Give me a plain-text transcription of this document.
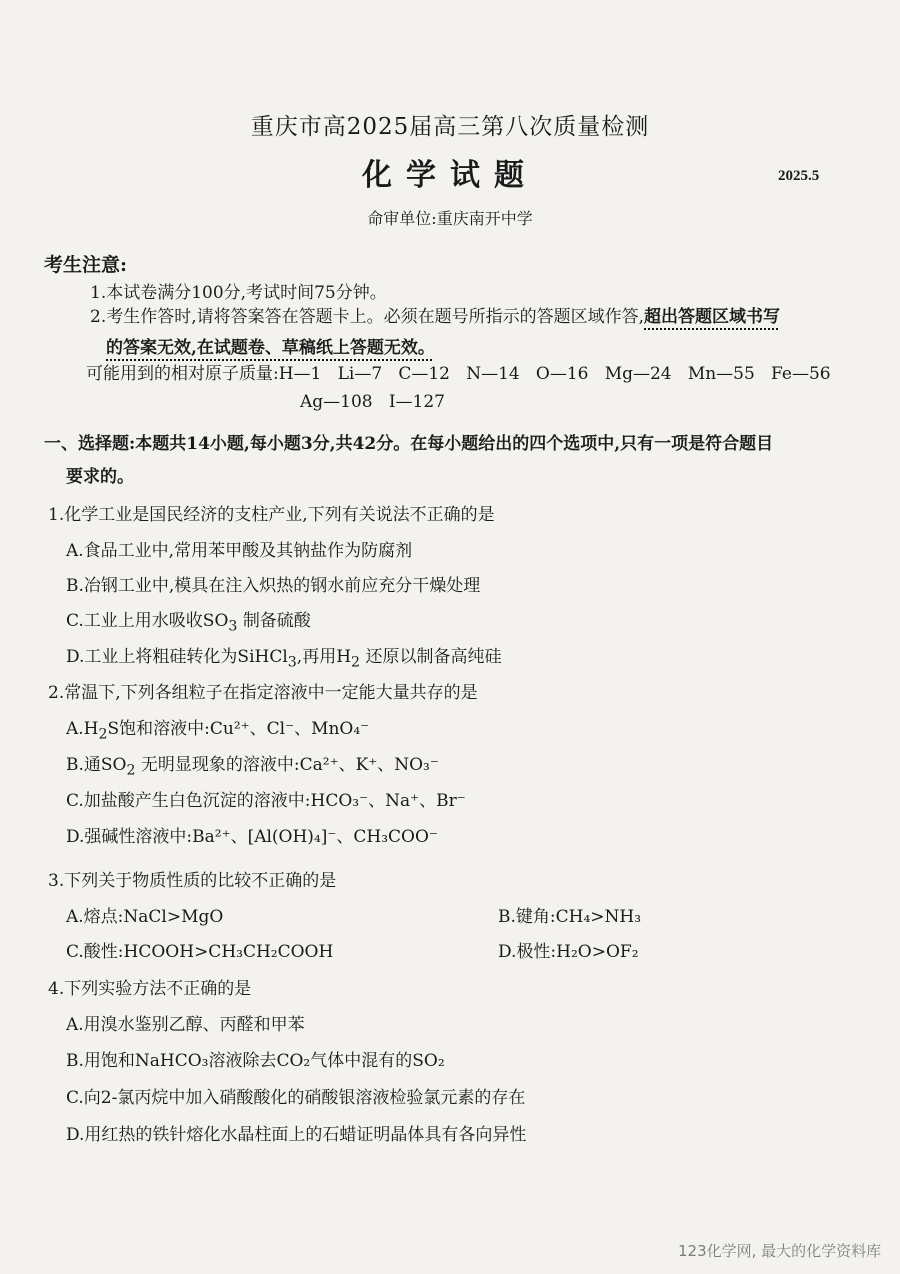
重庆市高2025届高三第八次质量检测
化学试题	2025.5
命审单位:重庆南开中学
考生注意:
1.本试卷满分100分,考试时间75分钟。
2.考生作答时,请将答案答在答题卡上。必须在题号所指示的答题区域作答,超出答题区域书写
的答案无效,在试题卷、草稿纸上答题无效。
可能用到的相对原子质量:H—1   Li—7   C—12   N—14   O—16   Mg—24   Mn—55   Fe—56
Ag—108   I—127
一、选择题:本题共14小题,每小题3分,共42分。在每小题给出的四个选项中,只有一项是符合题目
要求的。
1.化学工业是国民经济的支柱产业,下列有关说法不正确的是
A.食品工业中,常用苯甲酸及其钠盐作为防腐剂
B.冶钢工业中,模具在注入炽热的钢水前应充分干燥处理
C.工业上用水吸收$SO_3$ 制备硫酸
D.工业上将粗硅转化为SiHCl$_3$,再用$H_2$ 还原以制备高纯硅
2.常温下,下列各组粒子在指定溶液中一定能大量共存的是
$A.H_2S$饱和溶液中:Cu²⁺、Cl⁻、MnO₄⁻
B.通$SO_2$ 无明显现象的溶液中:Ca²⁺、K⁺、NO₃⁻
C.加盐酸产生白色沉淀的溶液中:HCO₃⁻、Na⁺、Br⁻
D.强碱性溶液中:Ba²⁺、[Al(OH)₄]⁻、CH₃COO⁻
3.下列关于物质性质的比较不正确的是
A.熔点:NaCl>MgO	B.键角:CH₄>NH₃
C.酸性:HCOOH>CH₃CH₂COOH	D.极性:H₂O>OF₂
4.下列实验方法不正确的是
A.用溴水鉴别乙醇、丙醛和甲苯
B.用饱和NaHCO₃溶液除去CO₂气体中混有的SO₂
C.向2-氯丙烷中加入硝酸酸化的硝酸银溶液检验氯元素的存在
D.用红热的铁针熔化水晶柱面上的石蜡证明晶体具有各向异性
123化学网, 最大的化学资料库
